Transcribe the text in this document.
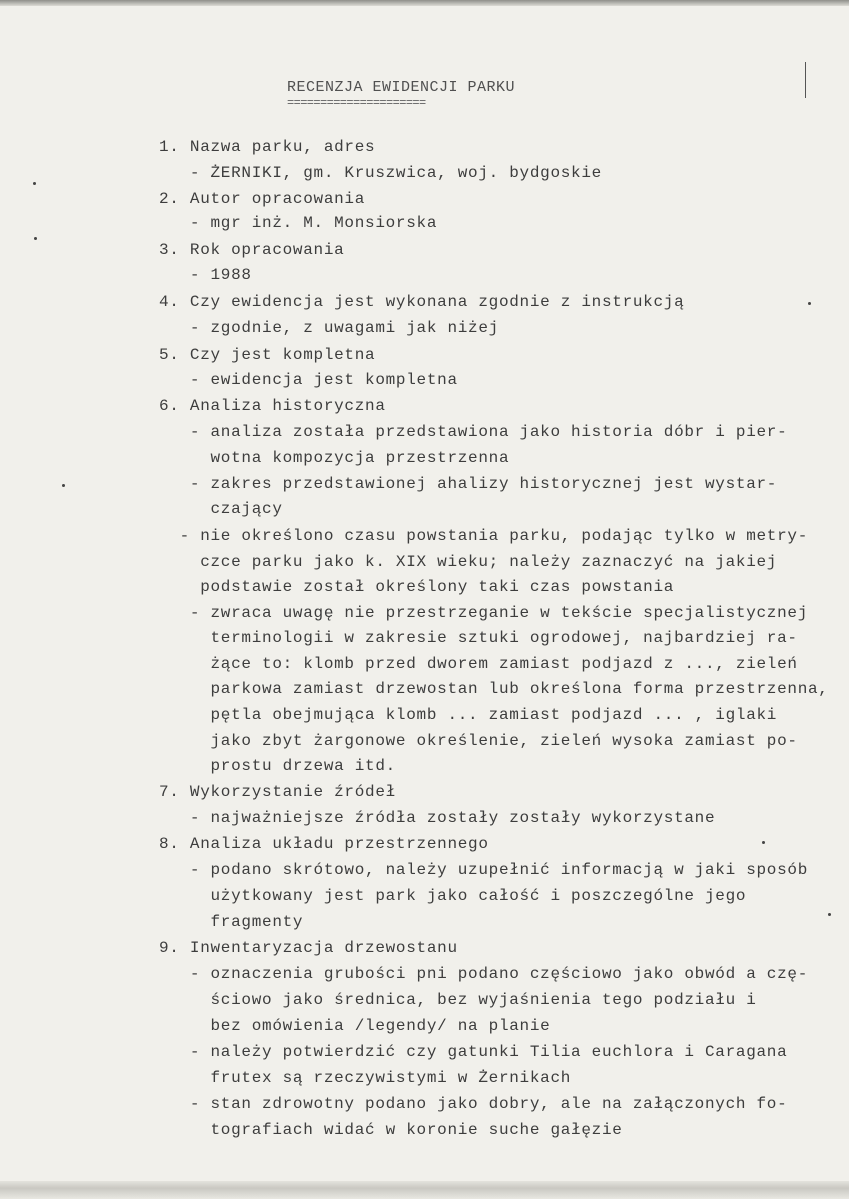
RECENZJA EWIDENCJI PARKU
=====================
1. Nazwa parku, adres
- ŻERNIKI, gm. Kruszwica, woj. bydgoskie
2. Autor opracowania
- mgr inż. M. Monsiorska
3. Rok opracowania
- 1988
4. Czy ewidencja jest wykonana zgodnie z instrukcją
- zgodnie, z uwagami jak niżej
5. Czy jest kompletna
- ewidencja jest kompletna
6. Analiza historyczna
- analiza została przedstawiona jako historia dóbr i pier-
wotna kompozycja przestrzenna
- zakres przedstawionej ahalizy historycznej jest wystar-
czający
- nie określono czasu powstania parku, podając tylko w metry-
czce parku jako k. XIX wieku; należy zaznaczyć na jakiej
podstawie został określony taki czas powstania
- zwraca uwagę nie przestrzeganie w tekście specjalistycznej
terminologii w zakresie sztuki ogrodowej, najbardziej ra-
żące to: klomb przed dworem zamiast podjazd z ..., zieleń
parkowa zamiast drzewostan lub określona forma przestrzenna,
pętla obejmująca klomb ... zamiast podjazd ... , iglaki
jako zbyt żargonowe określenie, zieleń wysoka zamiast po-
prostu drzewa itd.
7. Wykorzystanie źródeł
- najważniejsze źródła zostały zostały wykorzystane
8. Analiza układu przestrzennego
- podano skrótowo, należy uzupełnić informacją w jaki sposób
użytkowany jest park jako całość i poszczególne jego
fragmenty
9. Inwentaryzacja drzewostanu
- oznaczenia grubości pni podano częściowo jako obwód a czę-
ściowo jako średnica, bez wyjaśnienia tego podziału i
bez omówienia /legendy/ na planie
- należy potwierdzić czy gatunki Tilia euchlora i Caragana
frutex są rzeczywistymi w Żernikach
- stan zdrowotny podano jako dobry, ale na załączonych fo-
tografiach widać w koronie suche gałęzie
